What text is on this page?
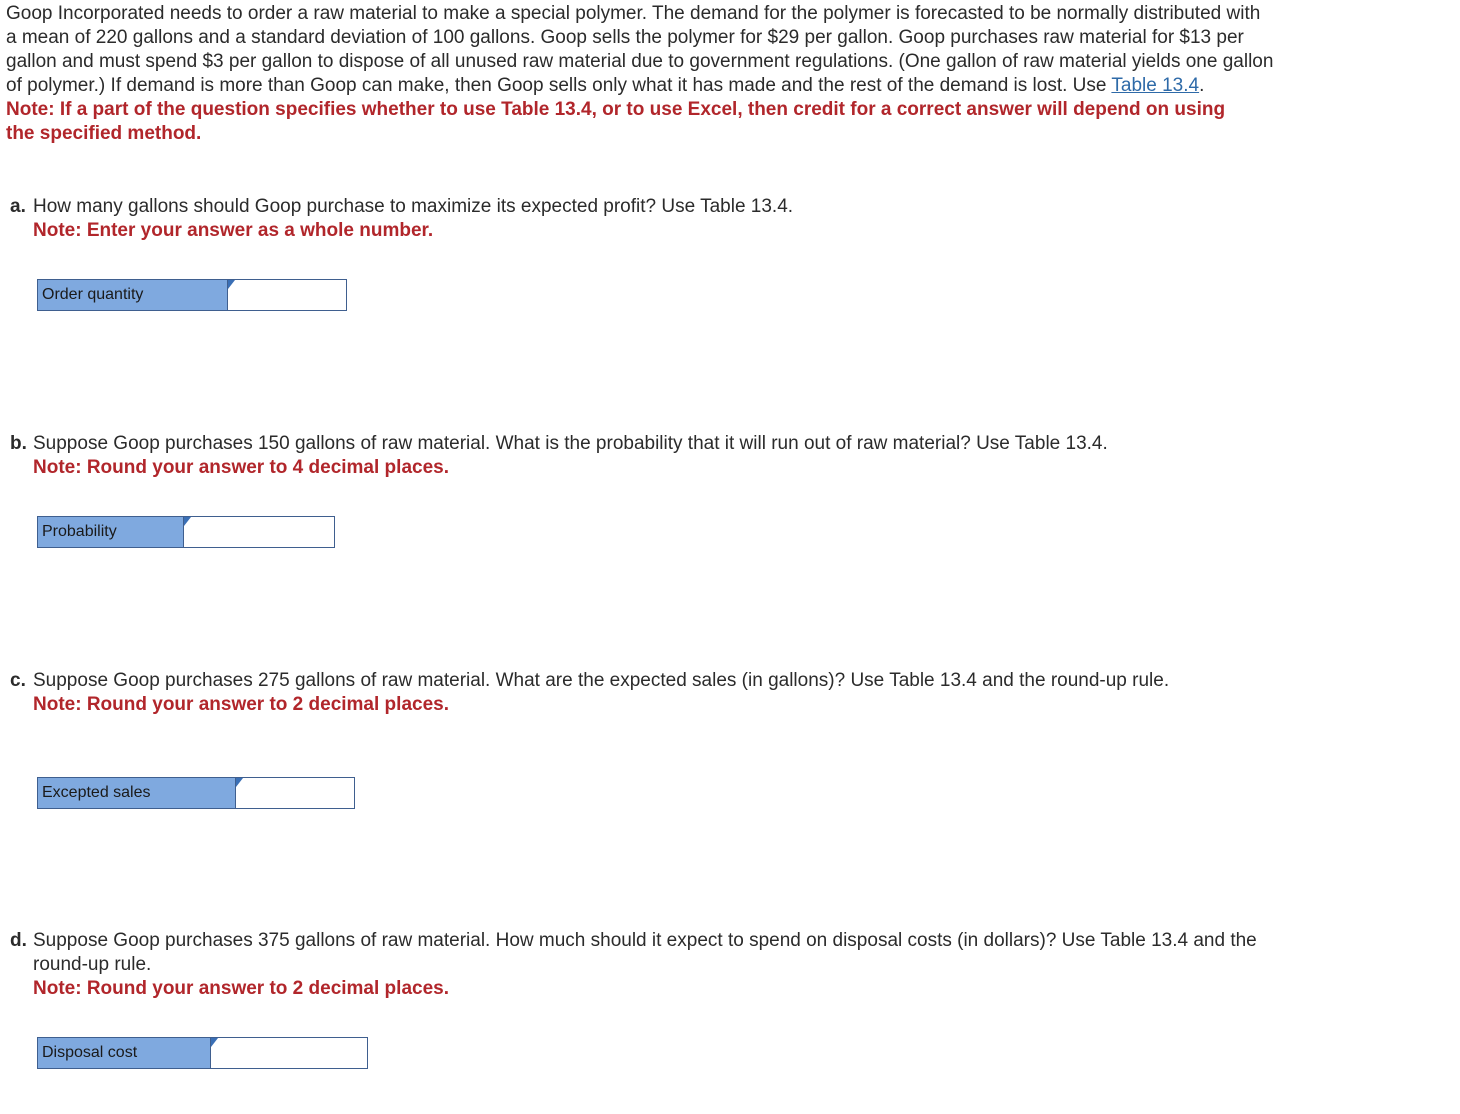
Goop Incorporated needs to order a raw material to make a special polymer. The demand for the polymer is forecasted to be normally distributed with a mean of 220 gallons and a standard deviation of 100 gallons. Goop sells the polymer for $29 per gallon. Goop purchases raw material for $13 per gallon and must spend $3 per gallon to dispose of all unused raw material due to government regulations. (One gallon of raw material yields one gallon of polymer.) If demand is more than Goop can make, then Goop sells only what it has made and the rest of the demand is lost. Use Table 13.4.
Note: If a part of the question specifies whether to use Table 13.4, or to use Excel, then credit for a correct answer will depend on using the specified method.
a. How many gallons should Goop purchase to maximize its expected profit? Use Table 13.4.
Note: Enter your answer as a whole number.
Order quantity
b. Suppose Goop purchases 150 gallons of raw material. What is the probability that it will run out of raw material? Use Table 13.4.
Note: Round your answer to 4 decimal places.
Probability
c. Suppose Goop purchases 275 gallons of raw material. What are the expected sales (in gallons)? Use Table 13.4 and the round-up rule.
Note: Round your answer to 2 decimal places.
Excepted sales
d. Suppose Goop purchases 375 gallons of raw material. How much should it expect to spend on disposal costs (in dollars)? Use Table 13.4 and the round-up rule.
Note: Round your answer to 2 decimal places.
Disposal cost
